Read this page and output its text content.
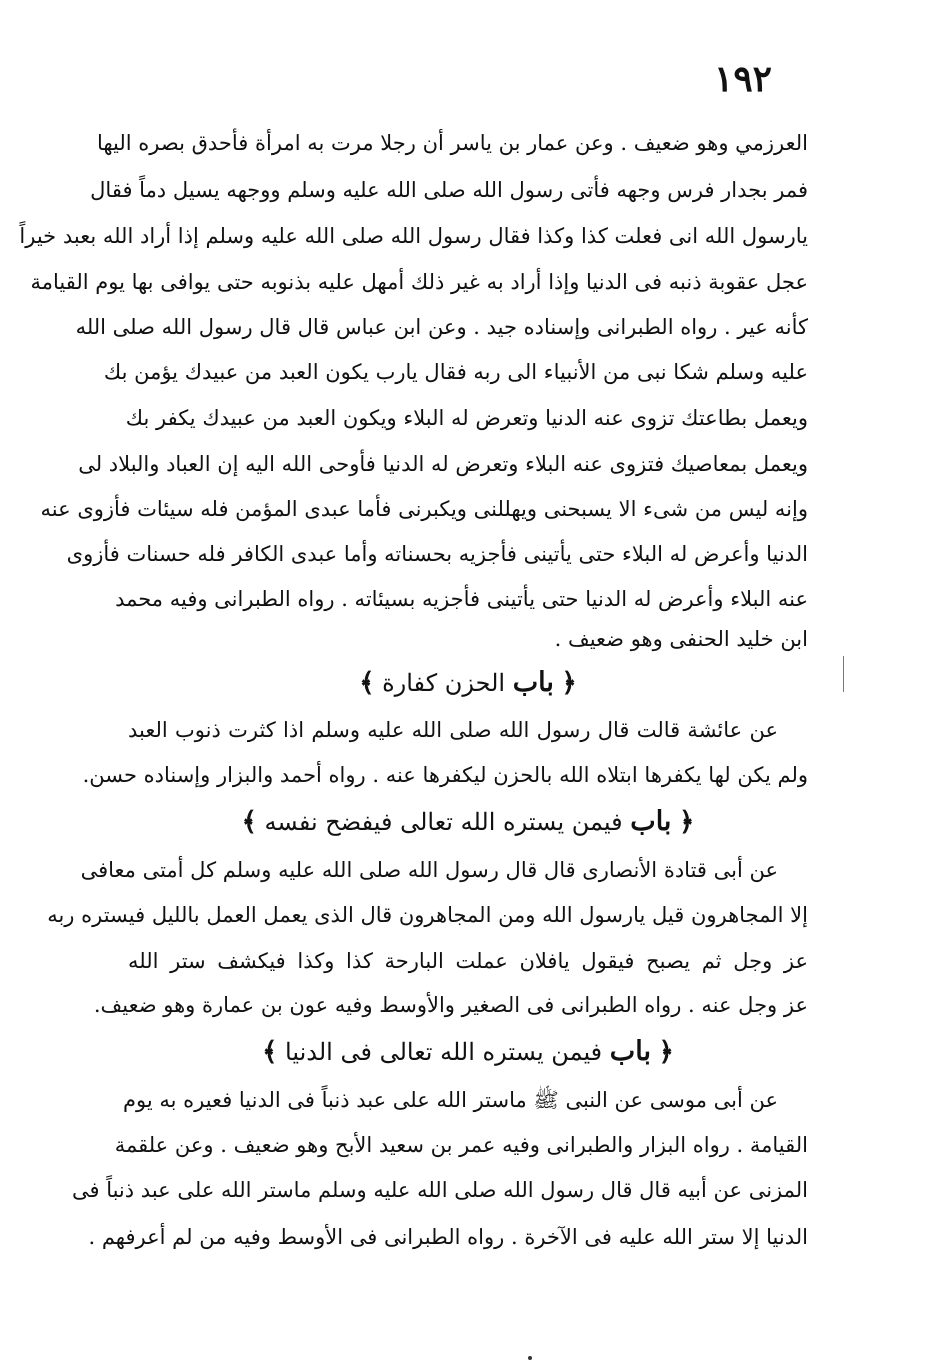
١٩٢
العرزمي وهو ضعيف . وعن عمار بن ياسر أن رجلا مرت به امرأة فأحدق بصره اليها
فمر بجدار فرس وجهه فأتى رسول الله صلى الله عليه وسلم ووجهه يسيل دماً فقال
يارسول الله انى فعلت كذا وكذا فقال رسول الله صلى الله عليه وسلم إذا أراد الله بعبد خيراً
عجل عقوبة ذنبه فى الدنيا وإذا أراد به غير ذلك أمهل عليه بذنوبه حتى يوافى بها يوم القيامة
كأنه عير . رواه الطبرانى وإسناده جيد . وعن ابن عباس قال قال رسول الله صلى الله
عليه وسلم شكا نبى من الأنبياء الى ربه فقال يارب يكون العبد من عبيدك يؤمن بك
ويعمل بطاعتك تزوى عنه الدنيا وتعرض له البلاء ويكون العبد من عبيدك يكفر بك
ويعمل بمعاصيك فتزوى عنه البلاء وتعرض له الدنيا فأوحى الله اليه إن العباد والبلاد لى
وإنه ليس من شىء الا يسبحنى ويهللنى ويكبرنى فأما عبدى المؤمن فله سيئات فأزوى عنه
الدنيا وأعرض له البلاء حتى يأتينى فأجزيه بحسناته وأما عبدى الكافر فله حسنات فأزوى
عنه البلاء وأعرض له الدنيا حتى يأتينى فأجزيه بسيئاته . رواه الطبرانى وفيه محمد
ابن خليد الحنفى وهو ضعيف .
﴿ باب الحزن كفارة ﴾
عن عائشة قالت قال رسول الله صلى الله عليه وسلم اذا كثرت ذنوب العبد
ولم يكن لها يكفرها ابتلاه الله بالحزن ليكفرها عنه . رواه أحمد والبزار وإسناده حسن.
﴿ باب فيمن يستره الله تعالى فيفضح نفسه ﴾
عن أبى قتادة الأنصارى قال قال رسول الله صلى الله عليه وسلم كل أمتى معافى
إلا المجاهرون قيل يارسول الله ومن المجاهرون قال الذى يعمل العمل بالليل فيستره ربه
عز وجل ثم يصبح فيقول يافلان عملت البارحة كذا وكذا فيكشف ستر الله
عز وجل عنه . رواه الطبرانى فى الصغير والأوسط وفيه عون بن عمارة وهو ضعيف.
﴿ باب فيمن يستره الله تعالى فى الدنيا ﴾
عن أبى موسى عن النبى ﷺ ماستر الله على عبد ذنباً فى الدنيا فعيره به يوم
القيامة . رواه البزار والطبرانى وفيه عمر بن سعيد الأبح وهو ضعيف . وعن علقمة
المزنى عن أبيه قال قال رسول الله صلى الله عليه وسلم ماستر الله على عبد ذنباً فى
الدنيا إلا ستر الله عليه فى الآخرة . رواه الطبرانى فى الأوسط وفيه من لم أعرفهم .
